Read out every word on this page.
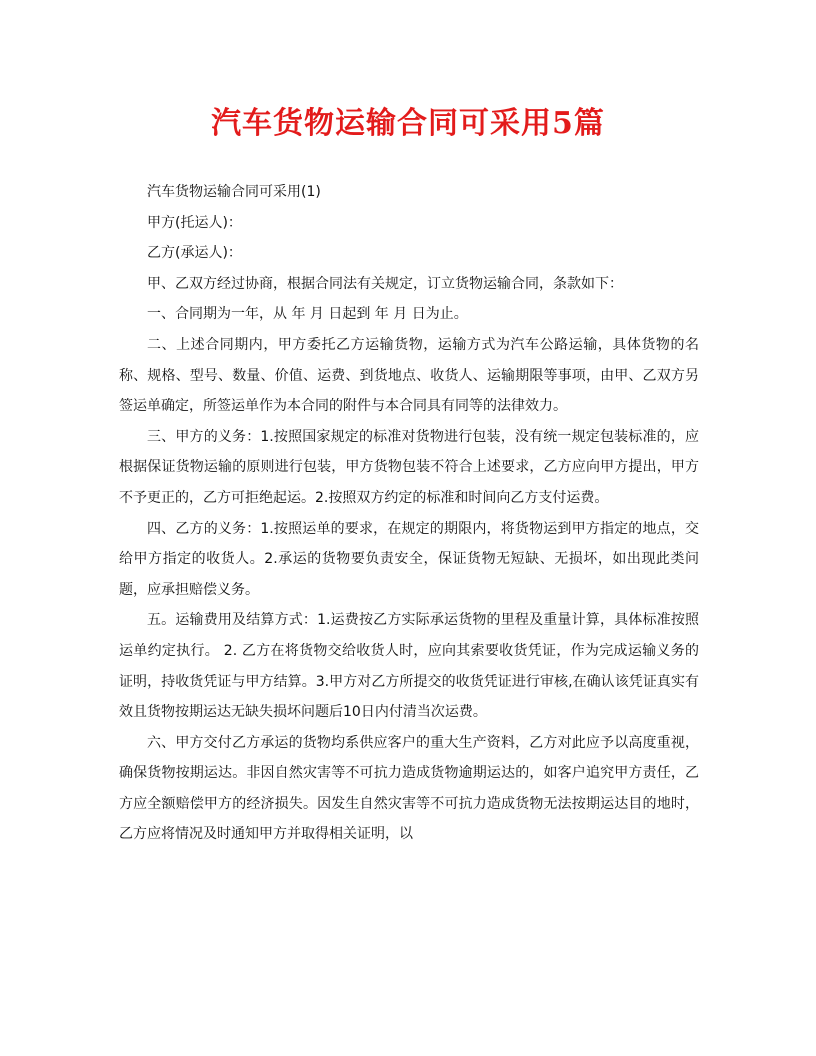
汽车货物运输合同可采用5篇

汽车货物运输合同可采用(1)

甲方(托运人)：

乙方(承运人)：

甲、乙双方经过协商，根据合同法有关规定，订立货物运输合同，条款如下：

一、合同期为一年，从 年 月 日起到 年 月 日为止。

二、上述合同期内，甲方委托乙方运输货物，运输方式为汽车公路运输，具体货物的名称、规格、型号、数量、价值、运费、到货地点、收货人、运输期限等事项，由甲、乙双方另签运单确定，所签运单作为本合同的附件与本合同具有同等的法律效力。

三、甲方的义务：1.按照国家规定的标准对货物进行包装，没有统一规定包装标准的，应根据保证货物运输的原则进行包装，甲方货物包装不符合上述要求，乙方应向甲方提出，甲方不予更正的，乙方可拒绝起运。2.按照双方约定的标准和时间向乙方支付运费。

四、乙方的义务：1.按照运单的要求，在规定的期限内，将货物运到甲方指定的地点，交给甲方指定的收货人。2.承运的货物要负责安全，保证货物无短缺、无损坏，如出现此类问题，应承担赔偿义务。

五。运输费用及结算方式：1.运费按乙方实际承运货物的里程及重量计算，具体标准按照运单约定执行。 2. 乙方在将货物交给收货人时，应向其索要收货凭证，作为完成运输义务的证明，持收货凭证与甲方结算。3.甲方对乙方所提交的收货凭证进行审核,在确认该凭证真实有效且货物按期运达无缺失损坏问题后10日内付清当次运费。

六、甲方交付乙方承运的货物均系供应客户的重大生产资料，乙方对此应予以高度重视，确保货物按期运达。非因自然灾害等不可抗力造成货物逾期运达的，如客户追究甲方责任，乙方应全额赔偿甲方的经济损失。因发生自然灾害等不可抗力造成货物无法按期运达目的地时，乙方应将情况及时通知甲方并取得相关证明，以
